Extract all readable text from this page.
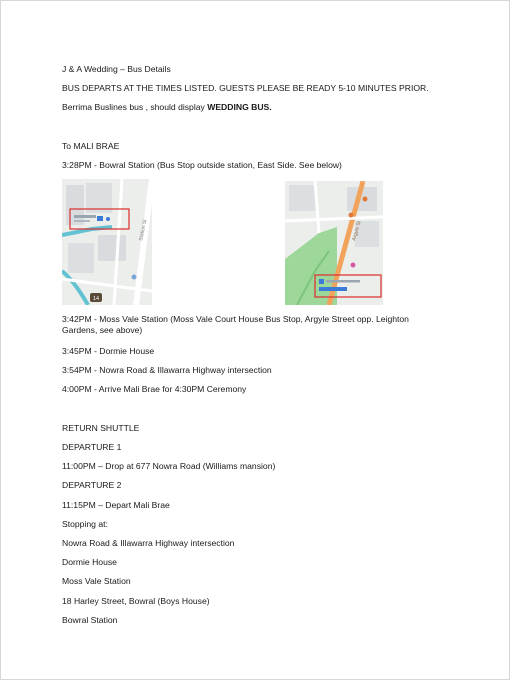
J & A Wedding – Bus Details
BUS DEPARTS AT THE TIMES LISTED. GUESTS PLEASE BE READY 5-10 MINUTES PRIOR.
Berrima Buslines bus , should display WEDDING BUS.
To MALI BRAE
3:28PM - Bowral Station (Bus Stop outside station, East Side. See below)
Station St
14
Argyle St
3:42PM - Moss Vale Station (Moss Vale Court House Bus Stop, Argyle Street opp. Leighton Gardens, see above)
3:45PM - Dormie House
3:54PM - Nowra Road & Illawarra Highway intersection
4:00PM - Arrive Mali Brae for 4:30PM Ceremony
RETURN SHUTTLE
DEPARTURE 1
11:00PM – Drop at 677 Nowra Road (Williams mansion)
DEPARTURE 2
11:15PM – Depart Mali Brae
Stopping at:
Nowra Road & Illawarra Highway intersection
Dormie House
Moss Vale Station
18 Harley Street, Bowral (Boys House)
Bowral Station
